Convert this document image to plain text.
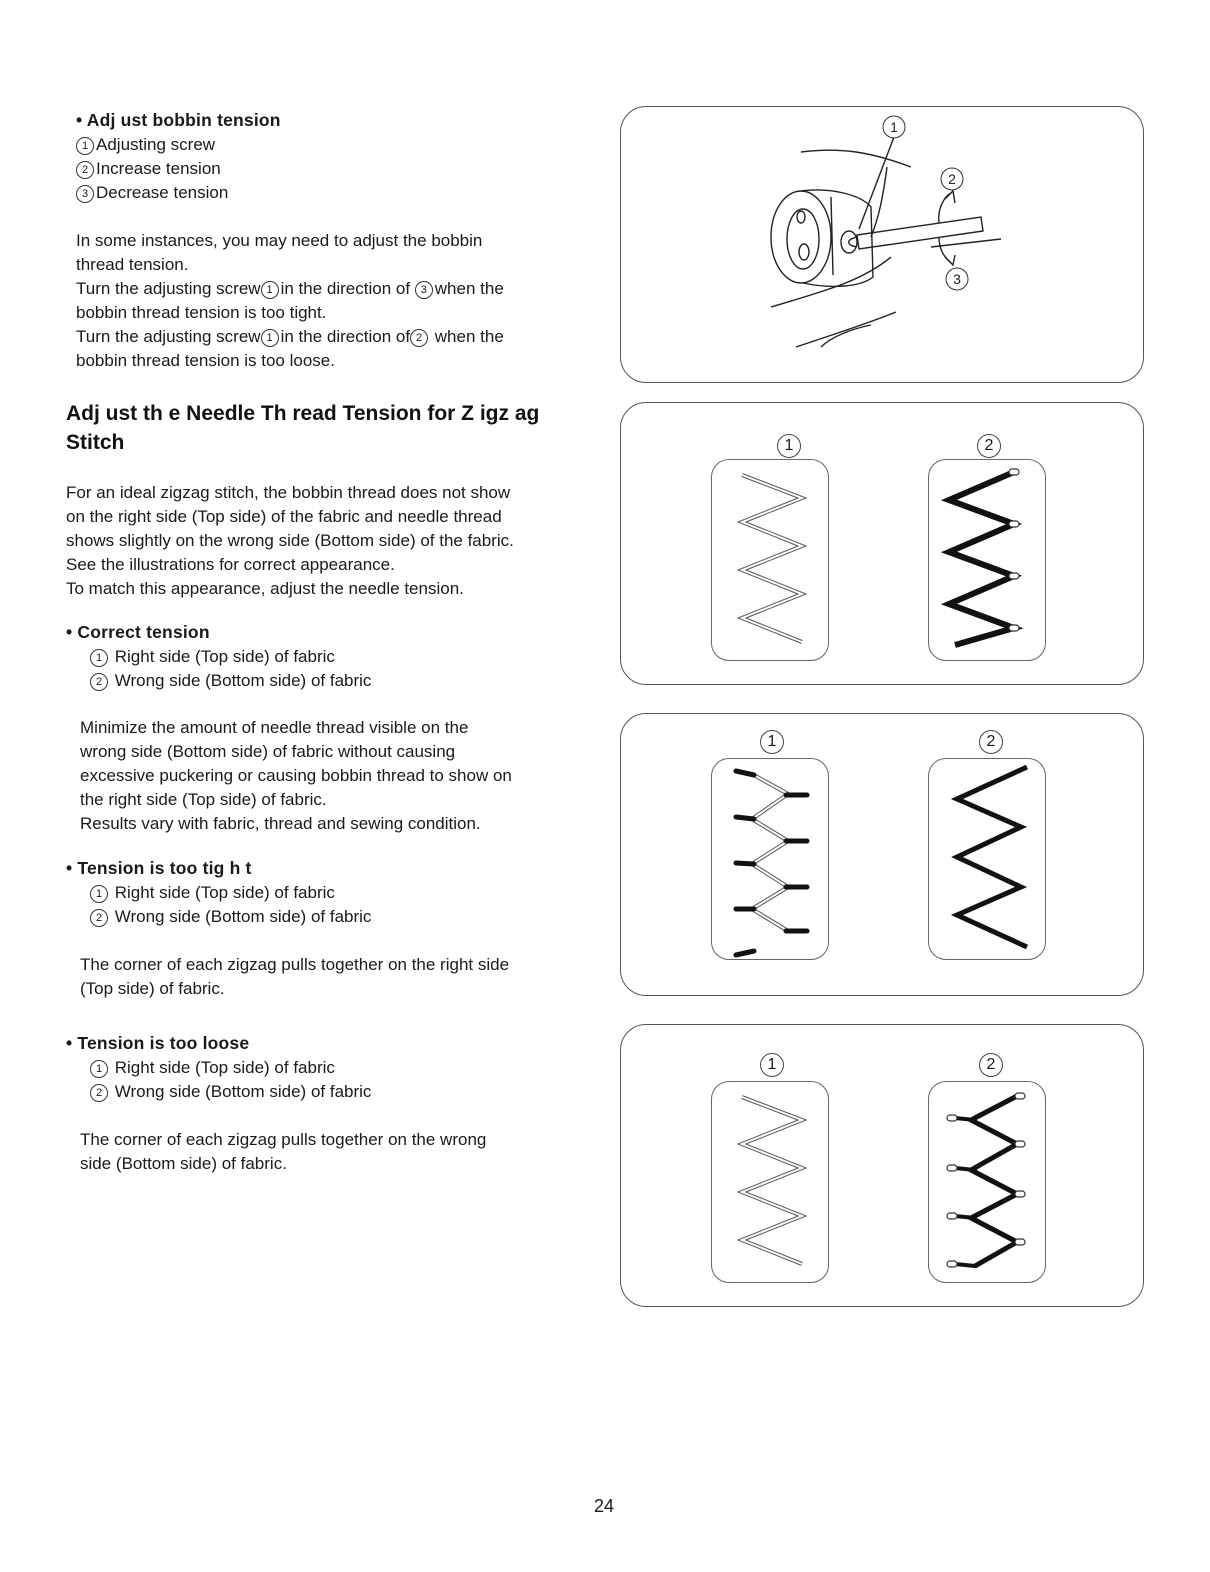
• Adj ust bobbin tension
1 Adjusting screw
2 Increase tension
3 Decrease tension
In some instances, you may need to adjust the bobbin
thread tension.
Turn the adjusting screw 1 in the direction of 3 when the
bobbin thread tension is too tight.
Turn the adjusting screw 1 in the direction of 2 when the
bobbin thread tension is too loose.
Adj ust th e Needle Th read Tension for Z igz ag
Stitch
For an ideal zigzag stitch, the bobbin thread does not show
on the right side (Top side) of the fabric and needle thread
shows slightly on the wrong side (Bottom side) of the fabric.
See the illustrations for correct appearance.
To match this appearance, adjust the needle tension.
• Correct tension
1 Right side (Top side) of fabric
2 Wrong side (Bottom side) of fabric
Minimize the amount of needle thread visible on the
wrong side (Bottom side) of fabric without causing
excessive puckering or causing bobbin thread to show on
the right side (Top side) of fabric.
Results vary with fabric, thread and sewing condition.
• Tension is too tig h t
1 Right side (Top side) of fabric
2 Wrong side (Bottom side) of fabric
The corner of each zigzag pulls together on the right side
(Top side) of fabric.
• Tension is too loose
1 Right side (Top side) of fabric
2 Wrong side (Bottom side) of fabric
The corner of each zigzag pulls together on the wrong
side (Bottom side) of fabric.
1
2
3
1	2
1	2
1	2
24
